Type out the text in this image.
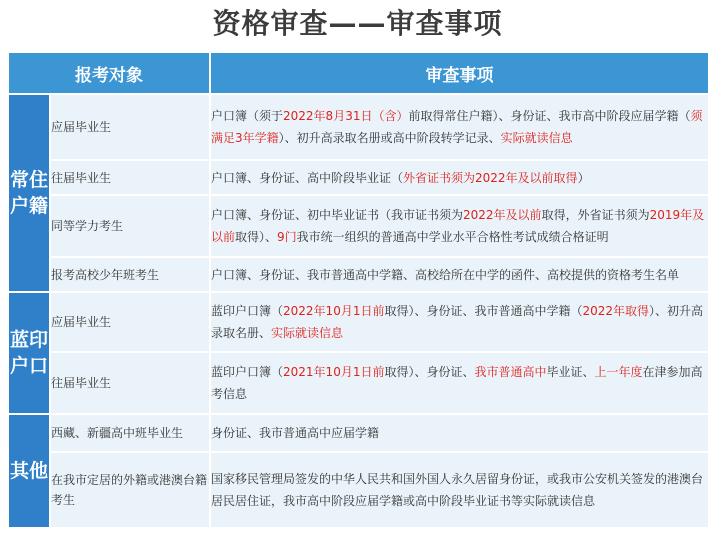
资格审查——审查事项
报考对象		审查事项

常住
户籍	应届毕业生	户口簿（须于2022年8月31日（含）前取得常住户籍）、身份证、我市高中阶段应届学籍（须满足3年学籍）、初升高录取名册或高中阶段转学记录、实际就读信息
	往届毕业生	户口簿、身份证、高中阶段毕业证（外省证书须为2022年及以前取得）
	同等学力考生	户口簿、身份证、初中毕业证书（我市证书须为2022年及以前取得，外省证书须为2019年及以前取得）、9门我市统一组织的普通高中学业水平合格性考试成绩合格证明
	报考高校少年班考生	户口簿、身份证、我市普通高中学籍、高校给所在中学的函件、高校提供的资格考生名单

蓝印
户口	应届毕业生	蓝印户口簿（2022年10月1日前取得）、身份证、我市普通高中学籍（2022年取得）、初升高录取名册、实际就读信息
	往届毕业生	蓝印户口簿（2021年10月1日前取得）、身份证、我市普通高中毕业证、上一年度在津参加高考信息

其他	西藏、新疆高中班毕业生	身份证、我市普通高中应届学籍
	在我市定居的外籍或港澳台籍考生	国家移民管理局签发的中华人民共和国外国人永久居留身份证，或我市公安机关签发的港澳台居民居住证，我市高中阶段应届学籍或高中阶段毕业证书等实际就读信息
